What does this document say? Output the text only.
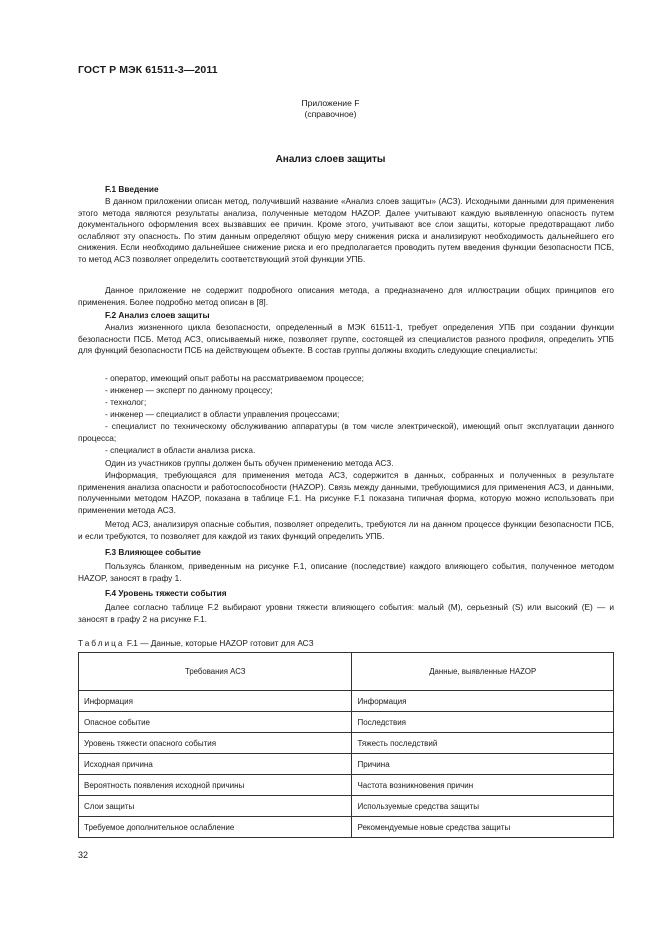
ГОСТ Р МЭК 61511-3—2011
Приложение F
(справочное)
Анализ слоев защиты
F.1 Введение

В данном приложении описан метод, получивший название «Анализ слоев защиты» (АСЗ). Исходными данными для применения этого метода являются результаты анализа, полученные методом HAZOP. Далее учитывают каждую выявленную опасность путем документального оформления всех вызвавших ее причин. Кроме этого, учитывают все слои защиты, которые предотвращают либо ослабляют эту опасность. По этим данным определяют общую меру снижения риска и анализируют необходимость дальнейшего его снижения. Если необходимо дальнейшее снижение риска и его предполагается проводить путем введения функции безопасности ПСБ, то метод АСЗ позволяет определить соответствующий этой функции УПБ.

Данное приложение не содержит подробного описания метода, а предназначено для иллюстрации общих принципов его применения. Более подробно метод описан в [8].

F.2 Анализ слоев защиты

Анализ жизненного цикла безопасности, определенный в МЭК 61511-1, требует определения УПБ при создании функции безопасности ПСБ. Метод АСЗ, описываемый ниже, позволяет группе, состоящей из специалистов разного профиля, определить УПБ для функций безопасности ПСБ на действующем объекте. В состав группы должны входить следующие специалисты:

- оператор, имеющий опыт работы на рассматриваемом процессе;
- инженер — эксперт по данному процессу;
- технолог;
- инженер — специалист в области управления процессами;

- специалист по техническому обслуживанию аппаратуры (в том числе электрической), имеющий опыт эксплуатации данного процесса;

- специалист в области анализа риска.

Один из участников группы должен быть обучен применению метода АСЗ.

Информация, требующаяся для применения метода АСЗ, содержится в данных, собранных и полученных в результате применения анализа опасности и работоспособности (HAZOP). Связь между данными, требующимися для применения АСЗ, и данными, полученными методом HAZOP, показана в таблице F.1. На рисунке F.1 показана типичная форма, которую можно использовать при применении метода АСЗ.

Метод АСЗ, анализируя опасные события, позволяет определить, требуются ли на данном процессе функции безопасности ПСБ, и если требуются, то позволяет для каждой из таких функций определить УПБ.

F.3 Влияющее событие

Пользуясь бланком, приведенным на рисунке F.1, описание (последствие) каждого влияющего события, полученное методом HAZOP, заносят в графу 1.

F.4 Уровень тяжести события

Далее согласно таблице F.2 выбирают уровни тяжести влияющего события: малый (М), серьезный (S) или высокий (Е) — и заносят в графу 2 на рисунке F.1.

Таблица F.1 — Данные, которые HAZOP готовит для АСЗ
Требования АСЗ	Данные, выявленные HAZOP
Информация	Информация
Опасное событие	Последствия
Уровень тяжести опасного события	Тяжесть последствий
Исходная причина	Причина
Вероятность появления исходной причины	Частота возникновения причин
Слои защиты	Используемые средства защиты
Требуемое дополнительное ослабление	Рекомендуемые новые средства защиты
32
